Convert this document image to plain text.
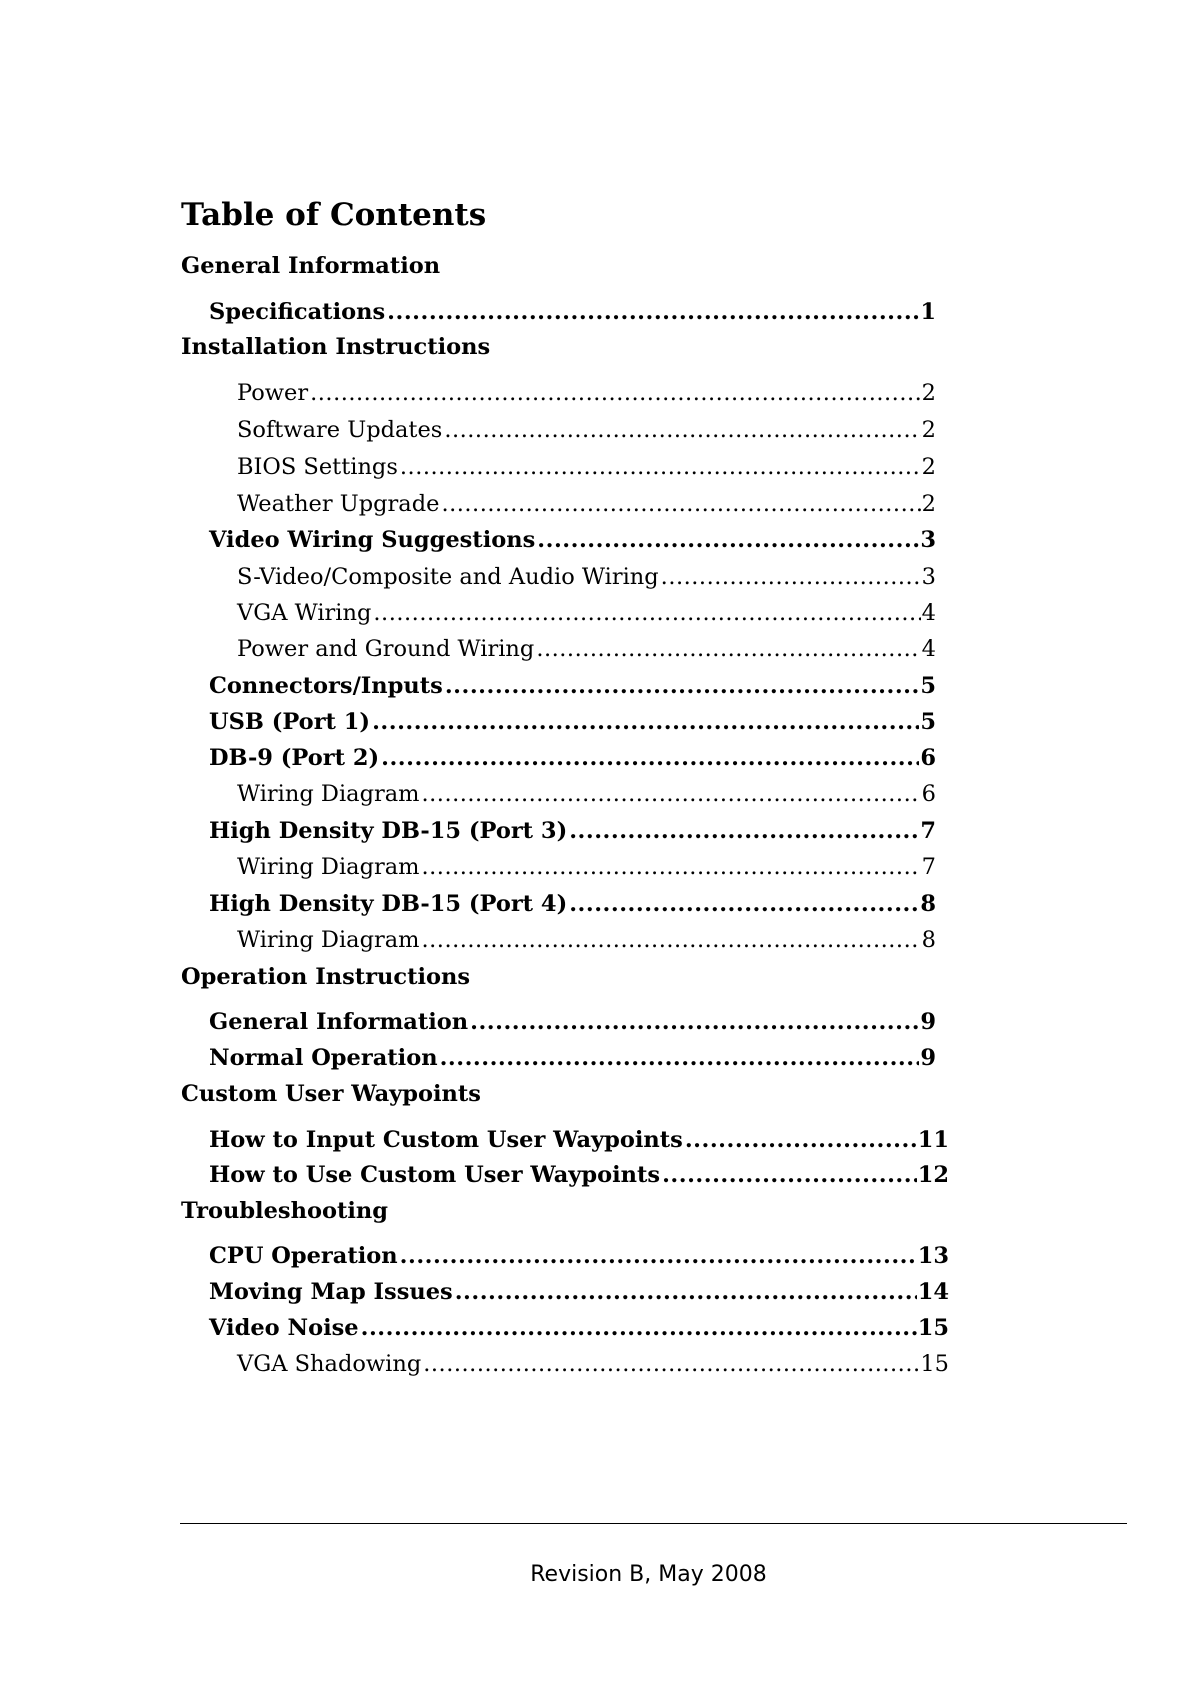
Table of Contents
General Information
Specifications .....	1
Installation Instructions
Power .....	2
Software Updates .....	2
BIOS Settings .....	2
Weather Upgrade .....	2
Video Wiring Suggestions .....	3
S-Video/Composite and Audio Wiring .....	3
VGA Wiring .....	4
Power and Ground Wiring .....	4
Connectors/Inputs .....	5
USB (Port 1) .....	5
DB-9 (Port 2) .....	6
Wiring Diagram .....	6
High Density DB-15 (Port 3) .....	7
Wiring Diagram .....	7
High Density DB-15 (Port 4) .....	8
Wiring Diagram .....	8
Operation Instructions
General Information .....	9
Normal Operation .....	9
Custom User Waypoints
How to Input Custom User Waypoints .....	11
How to Use Custom User Waypoints .....	12
Troubleshooting
CPU Operation .....	13
Moving Map Issues .....	14
Video Noise .....	15
VGA Shadowing .....	15
Revision B, May 2008
